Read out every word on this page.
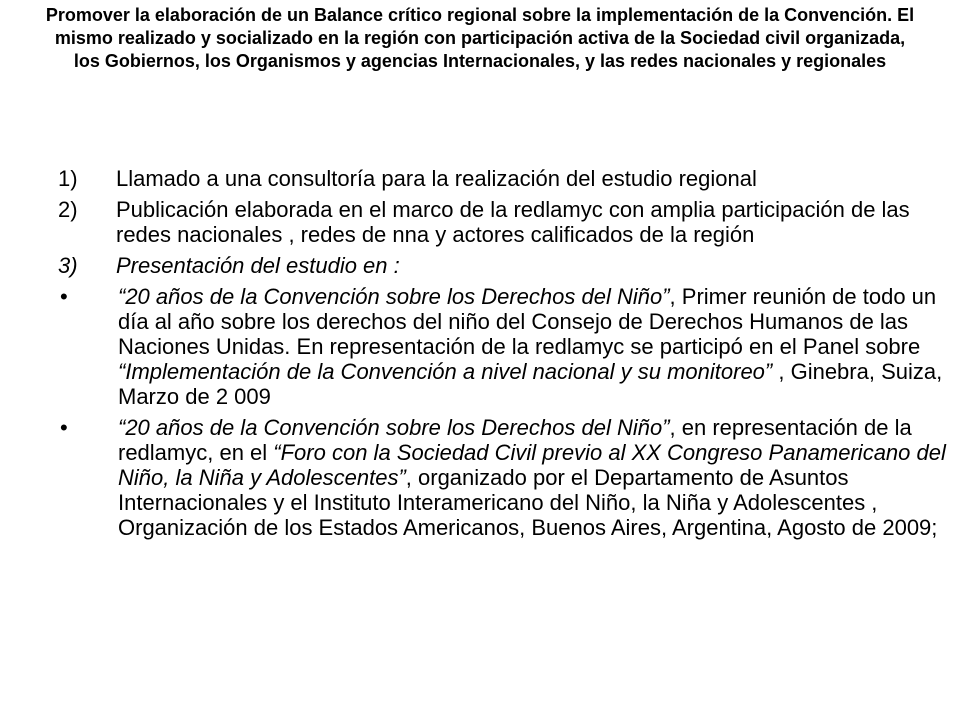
Promover la elaboración de un Balance crítico regional sobre la implementación de la Convención. El mismo realizado y socializado en la región con participación activa de la Sociedad civil organizada, los Gobiernos, los Organismos y agencias Internacionales, y las redes nacionales y regionales
1)	Llamado a una consultoría para la realización del estudio regional
2)	Publicación elaborada en el marco de la redlamyc con amplia participación de las redes nacionales , redes de nna y actores calificados de la región
3)	Presentación del estudio en :
•	“20 años de la Convención sobre los Derechos del Niño”, Primer reunión de todo un día al año sobre los derechos del niño del Consejo de Derechos Humanos de las Naciones Unidas. En representación de la redlamyc se participó en el Panel sobre “Implementación de la Convención a nivel nacional y su monitoreo” , Ginebra, Suiza, Marzo de 2 009
•	“20 años de la Convención sobre los Derechos del Niño”, en representación de la redlamyc, en el “Foro con la Sociedad Civil previo al XX Congreso Panamericano del Niño, la Niña y Adolescentes”, organizado por el Departamento de Asuntos Internacionales y el Instituto Interamericano del Niño, la Niña y Adolescentes , Organización de los Estados Americanos, Buenos Aires, Argentina, Agosto de 2009;
